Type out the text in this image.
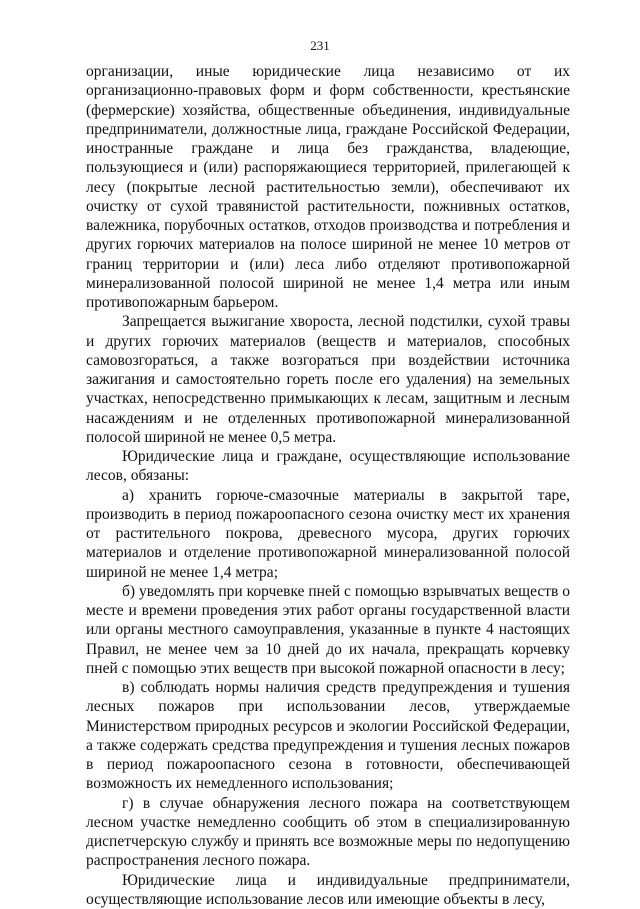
231

организации, иные юридические лица независимо от их организационно-правовых форм и форм собственности, крестьянские (фермерские) хозяйства, общественные объединения, индивидуальные предприниматели, должностные лица, граждане Российской Федерации, иностранные граждане и лица без гражданства, владеющие, пользующиеся и (или) распоряжающиеся территорией, прилегающей к лесу (покрытые лесной растительностью земли), обеспечивают их очистку от сухой травянистой растительности, пожнивных остатков, валежника, порубочных остатков, отходов производства и потребления и других горючих материалов на полосе шириной не менее 10 метров от границ территории и (или) леса либо отделяют противопожарной минерализованной полосой шириной не менее 1,4 метра или иным противопожарным барьером.

Запрещается выжигание хвороста, лесной подстилки, сухой травы и других горючих материалов (веществ и материалов, способных самовозгораться, а также возгораться при воздействии источника зажигания и самостоятельно гореть после его удаления) на земельных участках, непосредственно примыкающих к лесам, защитным и лесным насаждениям и не отделенных противопожарной минерализованной полосой шириной не менее 0,5 метра.

Юридические лица и граждане, осуществляющие использование лесов, обязаны:

а) хранить горюче-смазочные материалы в закрытой таре, производить в период пожароопасного сезона очистку мест их хранения от растительного покрова, древесного мусора, других горючих материалов и отделение противопожарной минерализованной полосой шириной не менее 1,4 метра;

б) уведомлять при корчевке пней с помощью взрывчатых веществ о месте и времени проведения этих работ органы государственной власти или органы местного самоуправления, указанные в пункте 4 настоящих Правил, не менее чем за 10 дней до их начала, прекращать корчевку пней с помощью этих веществ при высокой пожарной опасности в лесу;

в) соблюдать нормы наличия средств предупреждения и тушения лесных пожаров при использовании лесов, утверждаемые Министерством природных ресурсов и экологии Российской Федерации, а также содержать средства предупреждения и тушения лесных пожаров в период пожароопасного сезона в готовности, обеспечивающей возможность их немедленного использования;

г) в случае обнаружения лесного пожара на соответствующем лесном участке немедленно сообщить об этом в специализированную диспетчерскую службу и принять все возможные меры по недопущению распространения лесного пожара.

Юридические лица и индивидуальные предприниматели, осуществляющие использование лесов или имеющие объекты в лесу,
